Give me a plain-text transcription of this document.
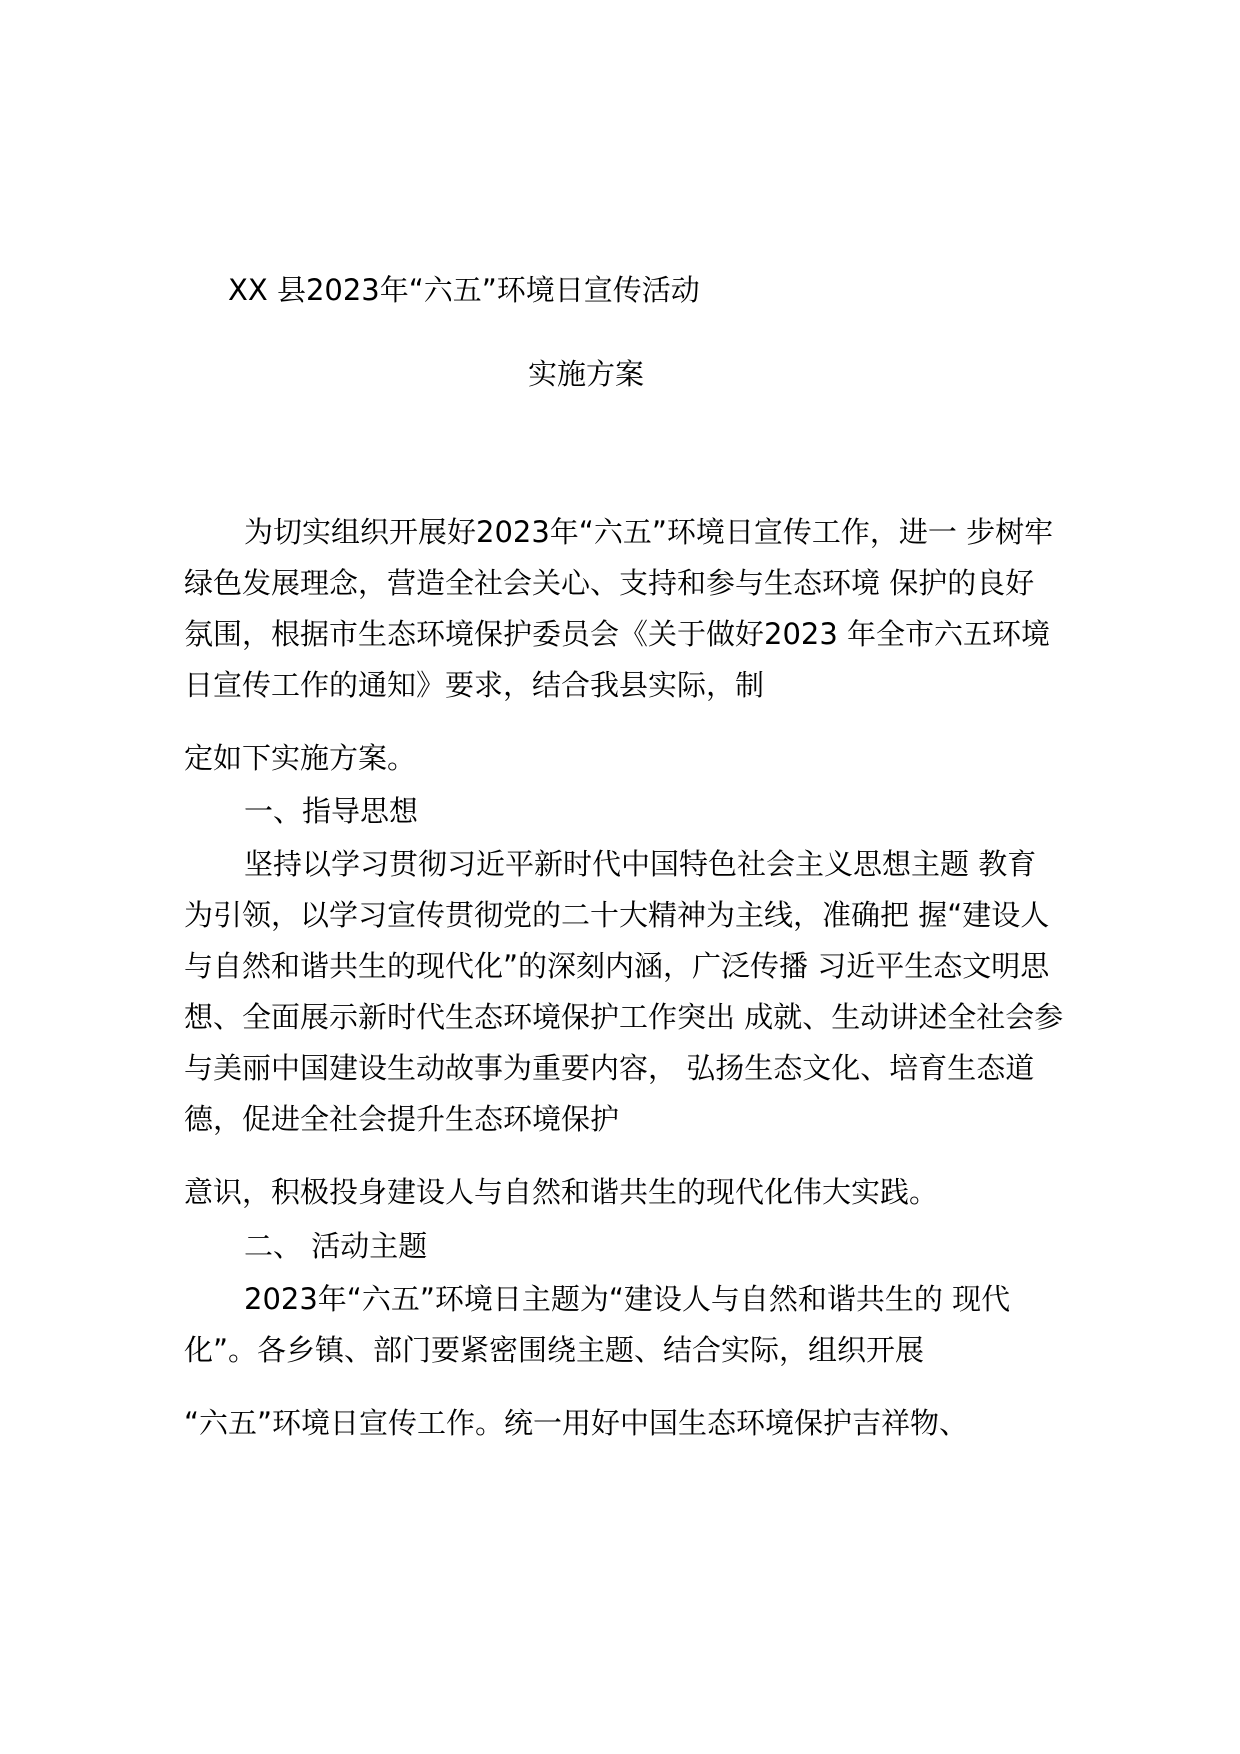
XX 县2023年“六五”环境日宣传活动
实施方案
为切实组织开展好2023年“六五”环境日宣传工作，进一 步树牢
绿色发展理念，营造全社会关心、支持和参与生态环境 保护的良好
氛围，根据市生态环境保护委员会《关于做好2023 年全市六五环境
日宣传工作的通知》要求，结合我县实际，制
定如下实施方案。
一、指导思想
坚持以学习贯彻习近平新时代中国特色社会主义思想主题 教育
为引领，以学习宣传贯彻党的二十大精神为主线，准确把 握“建设人
与自然和谐共生的现代化”的深刻内涵，广泛传播 习近平生态文明思
想、全面展示新时代生态环境保护工作突出 成就、生动讲述全社会参
与美丽中国建设生动故事为重要内容， 弘扬生态文化、培育生态道
德，促进全社会提升生态环境保护
意识，积极投身建设人与自然和谐共生的现代化伟大实践。
二、 活动主题
2023年“六五”环境日主题为“建设人与自然和谐共生的 现代
化”。各乡镇、部门要紧密围绕主题、结合实际，组织开展
“六五”环境日宣传工作。统一用好中国生态环境保护吉祥物、
